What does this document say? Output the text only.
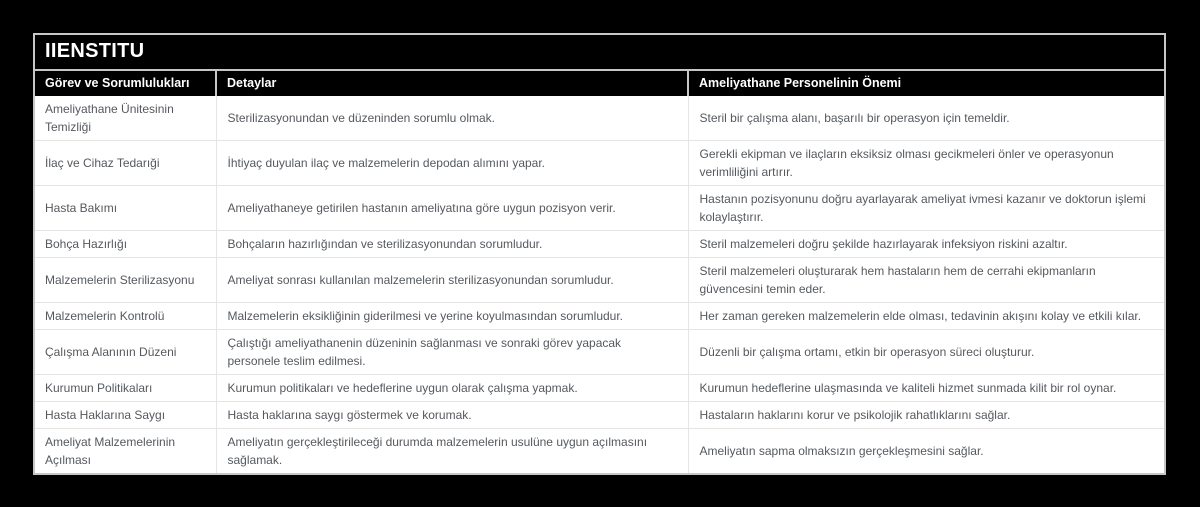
IIENSTITU
Görev ve Sorumlulukları	Detaylar	Ameliyathane Personelinin Önemi
Ameliyathane Ünitesinin Temizliği	Sterilizasyonundan ve düzeninden sorumlu olmak.	Steril bir çalışma alanı, başarılı bir operasyon için temeldir.
İlaç ve Cihaz Tedarıği	İhtiyaç duyulan ilaç ve malzemelerin depodan alımını yapar.	Gerekli ekipman ve ilaçların eksiksiz olması gecikmeleri önler ve operasyonun verimliliğini artırır.
Hasta Bakımı	Ameliyathaneye getirilen hastanın ameliyatına göre uygun pozisyon verir.	Hastanın pozisyonunu doğru ayarlayarak ameliyat ivmesi kazanır ve doktorun işlemi kolaylaştırır.
Bohça Hazırlığı	Bohçaların hazırlığından ve sterilizasyonundan sorumludur.	Steril malzemeleri doğru şekilde hazırlayarak infeksiyon riskini azaltır.
Malzemelerin Sterilizasyonu	Ameliyat sonrası kullanılan malzemelerin sterilizasyonundan sorumludur.	Steril malzemeleri oluşturarak hem hastaların hem de cerrahi ekipmanların güvencesini temin eder.
Malzemelerin Kontrolü	Malzemelerin eksikliğinin giderilmesi ve yerine koyulmasından sorumludur.	Her zaman gereken malzemelerin elde olması, tedavinin akışını kolay ve etkili kılar.
Çalışma Alanının Düzeni	Çalıştığı ameliyathanenin düzeninin sağlanması ve sonraki görev yapacak personele teslim edilmesi.	Düzenli bir çalışma ortamı, etkin bir operasyon süreci oluşturur.
Kurumun Politikaları	Kurumun politikaları ve hedeflerine uygun olarak çalışma yapmak.	Kurumun hedeflerine ulaşmasında ve kaliteli hizmet sunmada kilit bir rol oynar.
Hasta Haklarına Saygı	Hasta haklarına saygı göstermek ve korumak.	Hastaların haklarını korur ve psikolojik rahatlıklarını sağlar.
Ameliyat Malzemelerinin Açılması	Ameliyatın gerçekleştirileceği durumda malzemelerin usulüne uygun açılmasını sağlamak.	Ameliyatın sapma olmaksızın gerçekleşmesini sağlar.
